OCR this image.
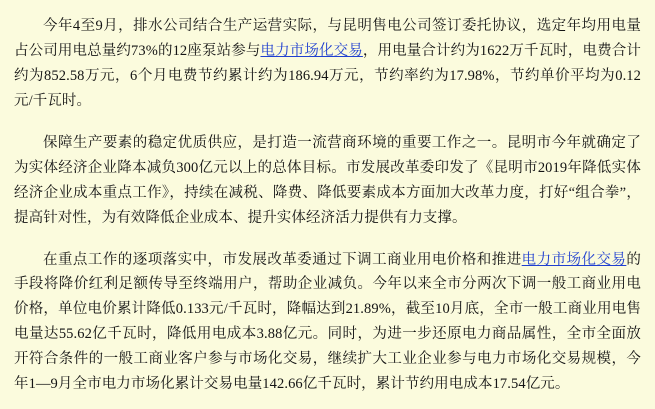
今年4至9月，排水公司结合生产运营实际，与昆明售电公司签订委托协议，选定年均用电量占公司用电总量约73%的12座泵站参与电力市场化交易，用电量合计约为1622万千瓦时，电费合计约为852.58万元，6个月电费节约累计约为186.94万元，节约率约为17.98%，节约单价平均为0.12元/千瓦时。

保障生产要素的稳定优质供应，是打造一流营商环境的重要工作之一。昆明市今年就确定了为实体经济企业降本减负300亿元以上的总体目标。市发展改革委印发了《昆明市2019年降低实体经济企业成本重点工作》，持续在减税、降费、降低要素成本方面加大改革力度，打好“组合拳”，提高针对性，为有效降低企业成本、提升实体经济活力提供有力支撑。

在重点工作的逐项落实中，市发展改革委通过下调工商业用电价格和推进电力市场化交易的手段将降价红利足额传导至终端用户，帮助企业减负。今年以来全市分两次下调一般工商业用电价格，单位电价累计降低0.133元/千瓦时，降幅达到21.89%，截至10月底，全市一般工商业用电售电量达55.62亿千瓦时，降低用电成本3.88亿元。同时，为进一步还原电力商品属性，全市全面放开符合条件的一般工商业客户参与市场化交易，继续扩大工业企业参与电力市场化交易规模，今年1—9月全市电力市场化累计交易电量142.66亿千瓦时，累计节约用电成本17.54亿元。
